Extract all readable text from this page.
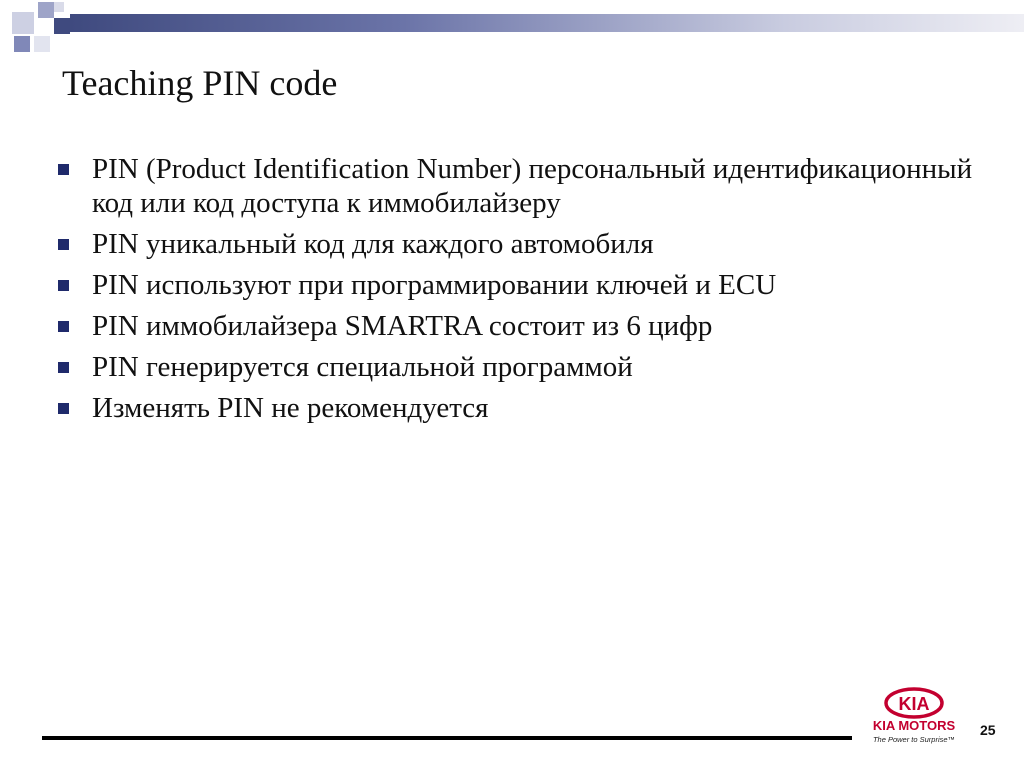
Teaching PIN code
PIN (Product Identification Number) персональный идентификационный код или код доступа к иммобилайзеру
PIN уникальный код для каждого автомобиля
PIN используют при программировании ключей и ECU
PIN иммобилайзера SMARTRA состоит из 6 цифр
PIN генерируется специальной программой
Изменять PIN не рекомендуется
KIA
KIA MOTORS
The Power to Surprise™
25
